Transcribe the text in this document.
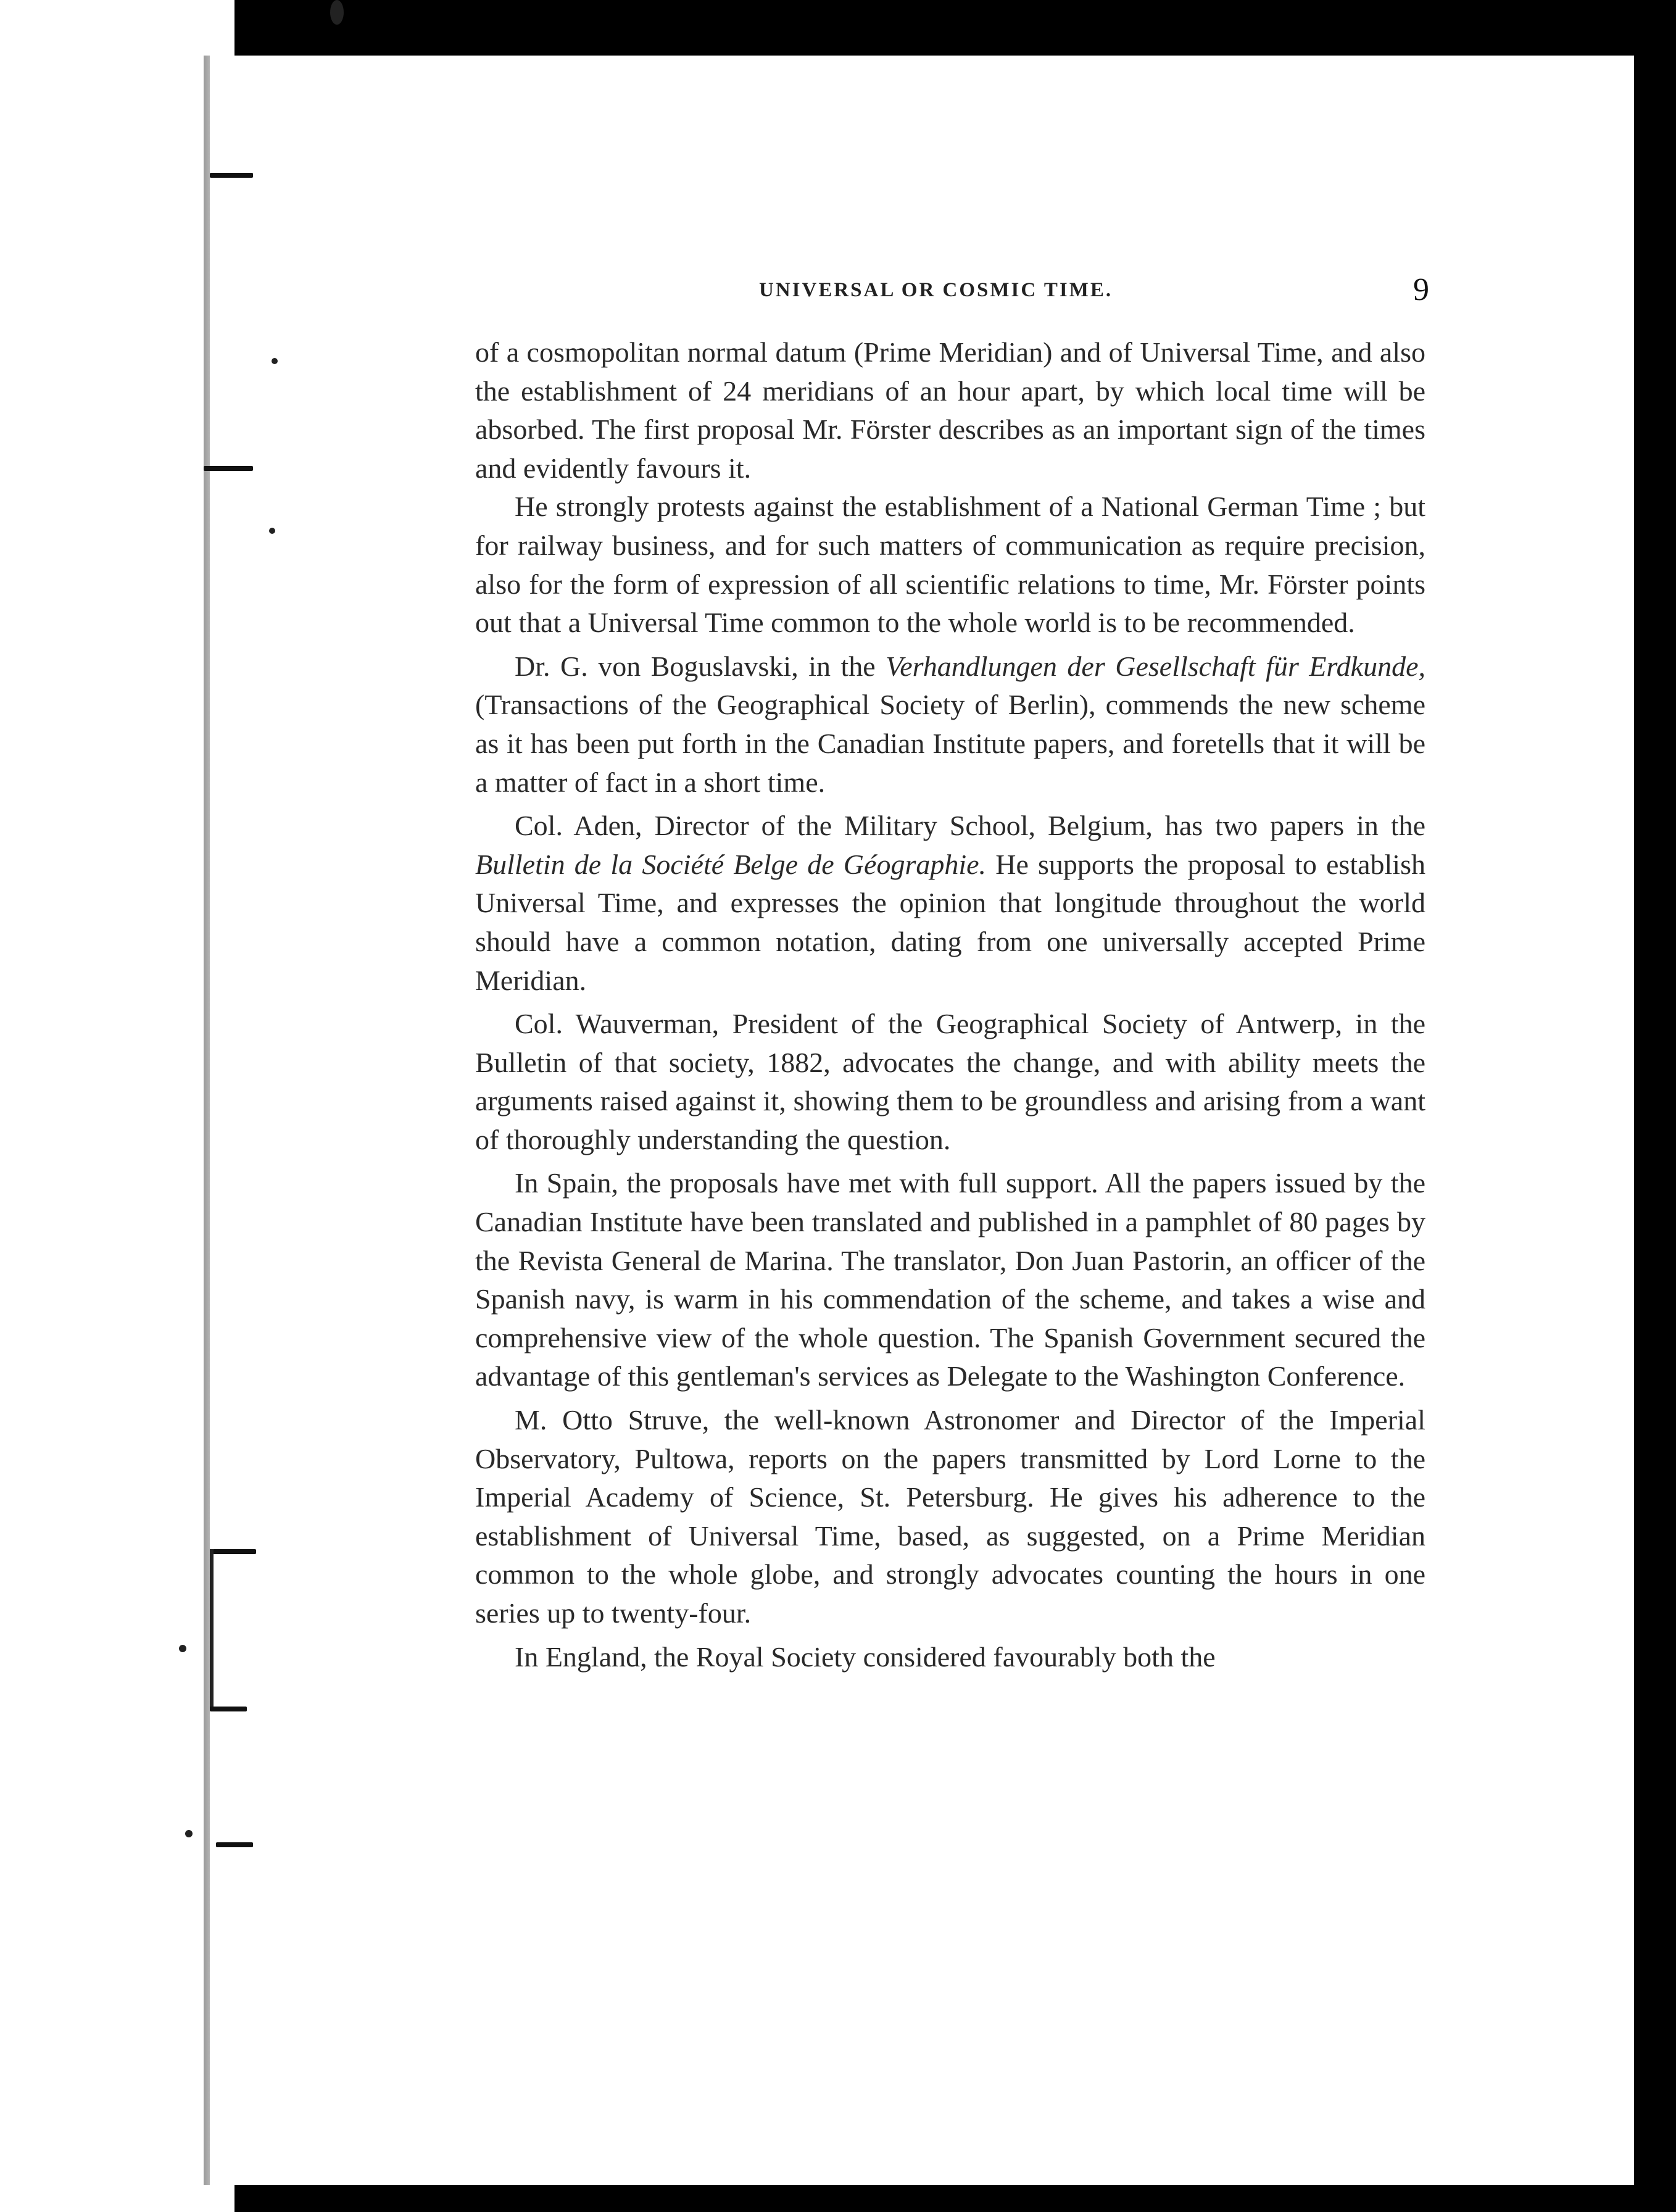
UNIVERSAL OR COSMIC TIME.	9

of a cosmopolitan normal datum (Prime Meridian) and of Universal Time, and also the establishment of 24 meridians of an hour apart, by which local time will be absorbed. The first proposal Mr. Förster describes as an important sign of the times and evidently favours it.

He strongly protests against the establishment of a National German Time ; but for railway business, and for such matters of communication as require precision, also for the form of expression of all scientific relations to time, Mr. Förster points out that a Universal Time common to the whole world is to be recommended.

Dr. G. von Boguslavski, in the Verhandlungen der Gesellschaft für Erdkunde, (Transactions of the Geographical Society of Berlin), commends the new scheme as it has been put forth in the Canadian Institute papers, and foretells that it will be a matter of fact in a short time.

Col. Aden, Director of the Military School, Belgium, has two papers in the Bulletin de la Société Belge de Géographie. He supports the proposal to establish Universal Time, and expresses the opinion that longitude throughout the world should have a common notation, dating from one universally accepted Prime Meridian.

Col. Wauverman, President of the Geographical Society of Antwerp, in the Bulletin of that society, 1882, advocates the change, and with ability meets the arguments raised against it, showing them to be groundless and arising from a want of thoroughly understanding the question.

In Spain, the proposals have met with full support. All the papers issued by the Canadian Institute have been translated and published in a pamphlet of 80 pages by the Revista General de Marina. The translator, Don Juan Pastorin, an officer of the Spanish navy, is warm in his commendation of the scheme, and takes a wise and comprehensive view of the whole question. The Spanish Government secured the advantage of this gentleman's services as Delegate to the Washington Conference.

M. Otto Struve, the well-known Astronomer and Director of the Imperial Observatory, Pultowa, reports on the papers transmitted by Lord Lorne to the Imperial Academy of Science, St. Petersburg. He gives his adherence to the establishment of Universal Time, based, as suggested, on a Prime Meridian common to the whole globe, and strongly advocates counting the hours in one series up to twenty-four.

In England, the Royal Society considered favourably both the
